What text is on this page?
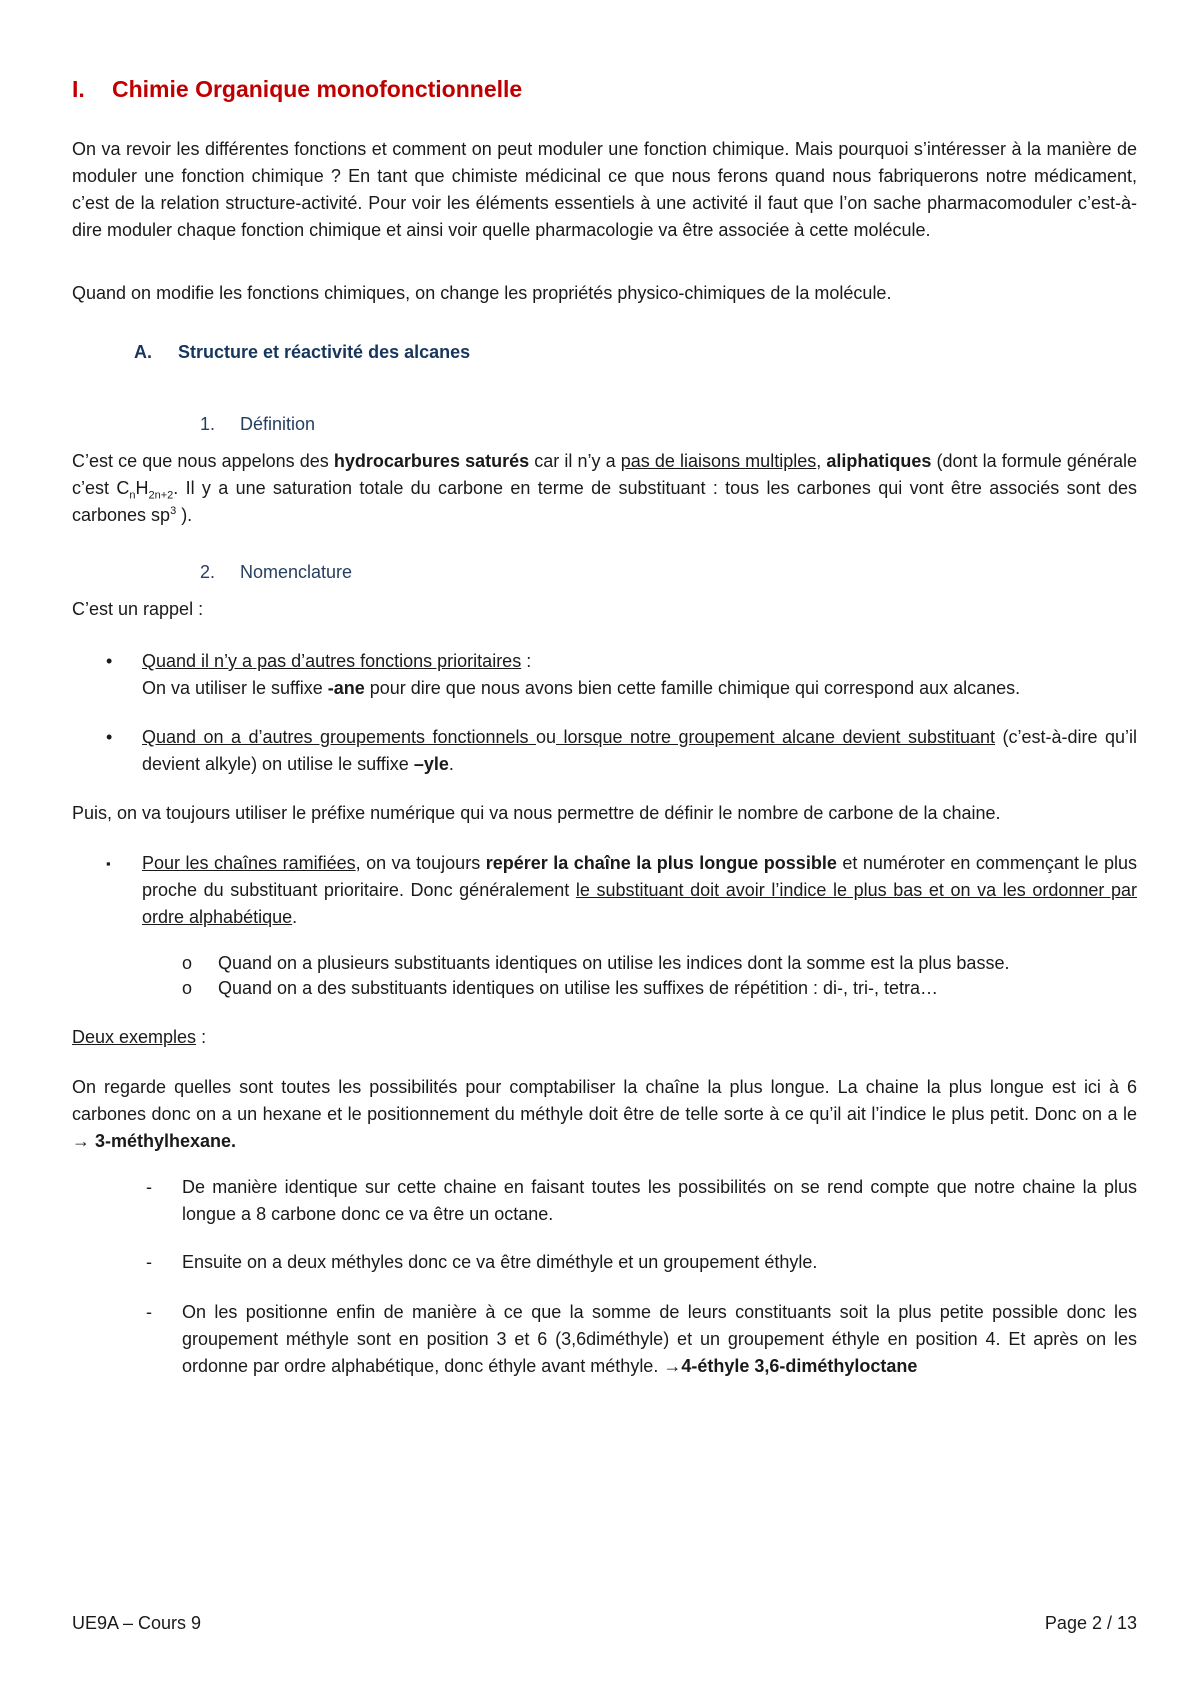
I. Chimie Organique monofonctionnelle

On va revoir les différentes fonctions et comment on peut moduler une fonction chimique. Mais pourquoi s’intéresser à la manière de moduler une fonction chimique ? En tant que chimiste médicinal ce que nous ferons quand nous fabriquerons notre médicament, c’est de la relation structure-activité. Pour voir les éléments essentiels à une activité il faut que l’on sache pharmacomoduler c’est-à-dire moduler chaque fonction chimique et ainsi voir quelle pharmacologie va être associée à cette molécule.

Quand on modifie les fonctions chimiques, on change les propriétés physico-chimiques de la molécule.

A. Structure et réactivité des alcanes
1. Définition

C’est ce que nous appelons des hydrocarbures saturés car il n’y a pas de liaisons multiples, aliphatiques (dont la formule générale c’est $C_nH_{2n+2}$. Il y a une saturation totale du carbone en terme de substituant : tous les carbones qui vont être associés sont des carbones $sp^3$ ).

2. Nomenclature

C’est un rappel :

•	Quand il n’y a pas d’autres fonctions prioritaires :
On va utiliser le suffixe -ane pour dire que nous avons bien cette famille chimique qui correspond aux alcanes.
•	Quand on a d’autres groupements fonctionnels ou lorsque notre groupement alcane devient substituant (c’est-à-dire qu’il devient alkyle) on utilise le suffixe –yle.

Puis, on va toujours utiliser le préfixe numérique qui va nous permettre de définir le nombre de carbone de la chaine.

▪	Pour les chaînes ramifiées, on va toujours repérer la chaîne la plus longue possible et numéroter en commençant le plus proche du substituant prioritaire. Donc généralement le substituant doit avoir l’indice le plus bas et on va les ordonner par ordre alphabétique.
o Quand on a plusieurs substituants identiques on utilise les indices dont la somme est la plus basse.
o Quand on a des substituants identiques on utilise les suffixes de répétition : di-, tri-, tetra…

Deux exemples :

On regarde quelles sont toutes les possibilités pour comptabiliser la chaîne la plus longue. La chaine la plus longue est ici à 6 carbones donc on a un hexane et le positionnement du méthyle doit être de telle sorte à ce qu’il ait l’indice le plus petit. Donc on a le → 3-méthylhexane.

- De manière identique sur cette chaine en faisant toutes les possibilités on se rend compte que notre chaine la plus longue a 8 carbone donc ce va être un octane.
- Ensuite on a deux méthyles donc ce va être diméthyle et un groupement éthyle.
- On les positionne enfin de manière à ce que la somme de leurs constituants soit la plus petite possible donc les groupement méthyle sont en position 3 et 6 (3,6diméthyle) et un groupement éthyle en position 4. Et après on les ordonne par ordre alphabétique, donc éthyle avant méthyle. →4-éthyle 3,6-diméthyloctane
UE9A – Cours 9	Page 2 / 13
